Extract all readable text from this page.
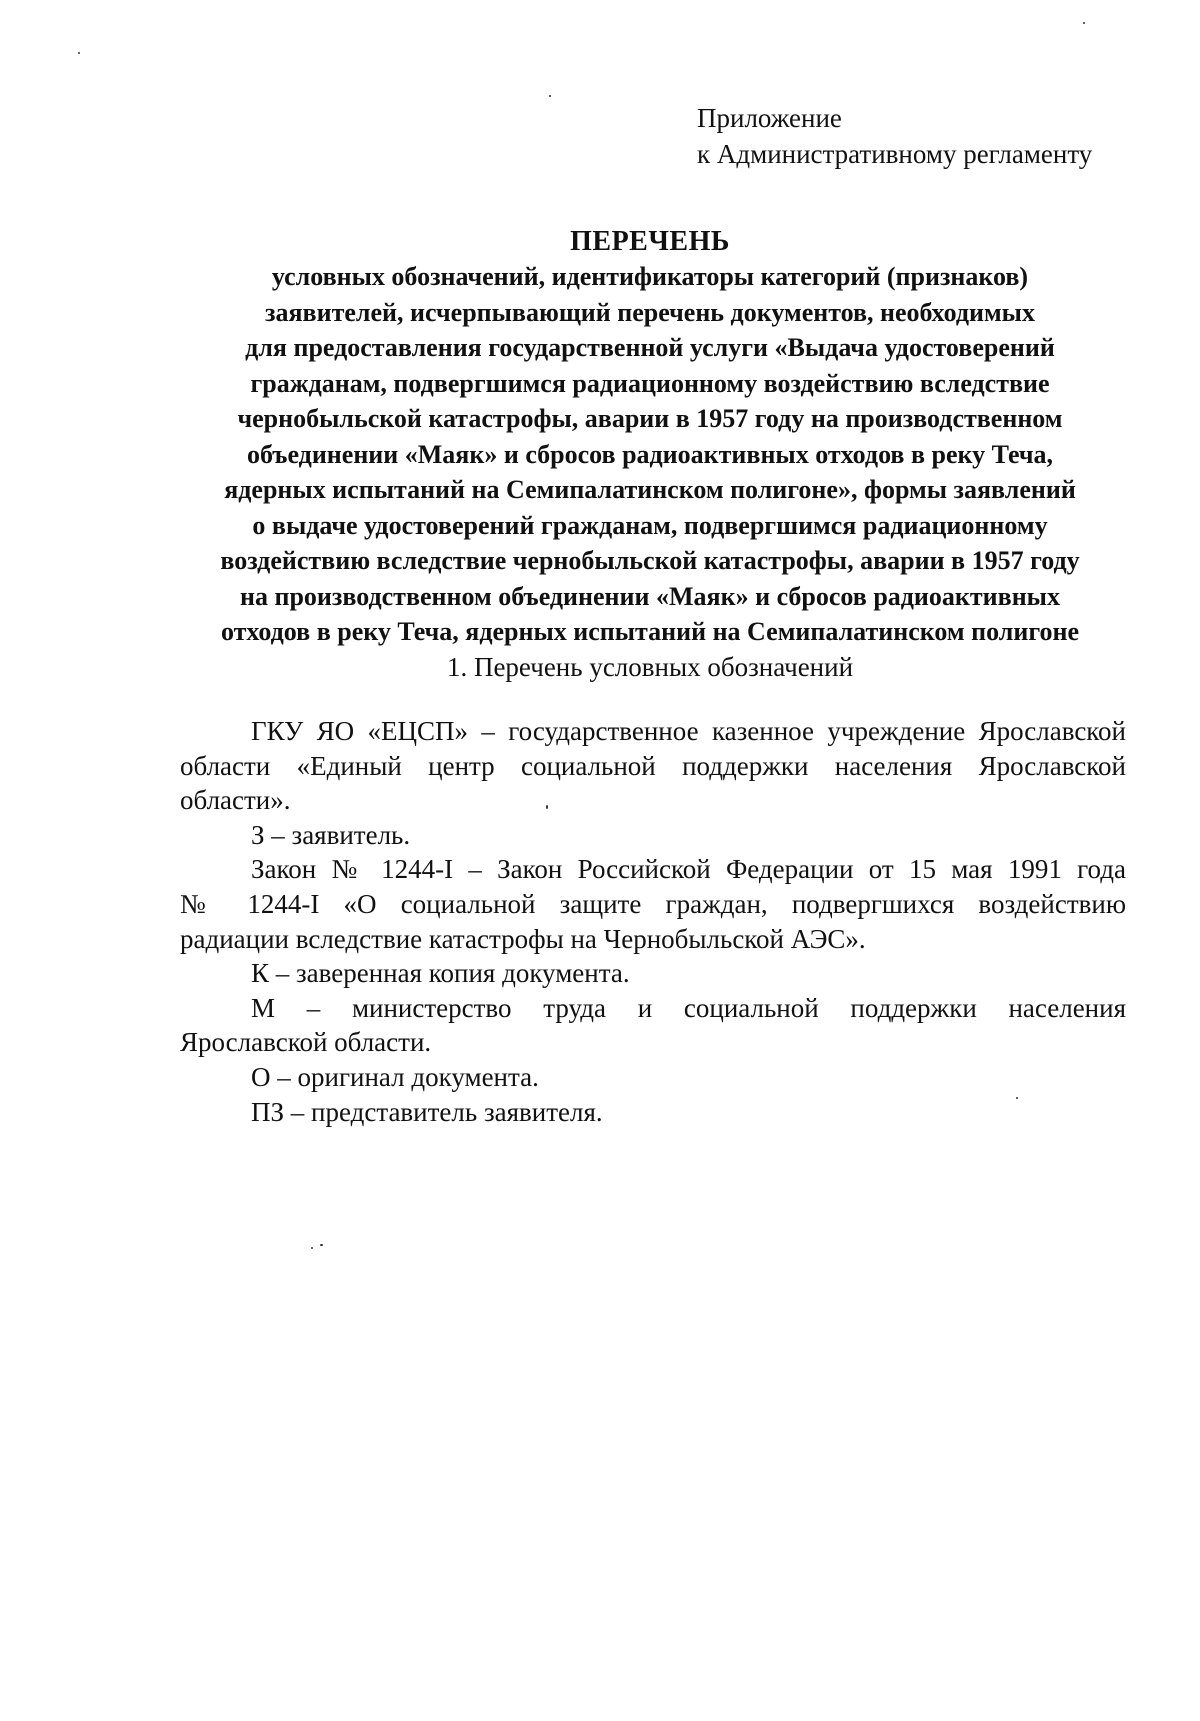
Приложение
к Административному регламенту
ПЕРЕЧЕНЬ
условных обозначений, идентификаторы категорий (признаков)
заявителей, исчерпывающий перечень документов, необходимых
для предоставления государственной услуги «Выдача удостоверений
гражданам, подвергшимся радиационному воздействию вследствие
чернобыльской катастрофы, аварии в 1957 году на производственном
объединении «Маяк» и сбросов радиоактивных отходов в реку Теча,
ядерных испытаний на Семипалатинском полигоне», формы заявлений
о выдаче удостоверений гражданам, подвергшимся радиационному
воздействию вследствие чернобыльской катастрофы, аварии в 1957 году
на производственном объединении «Маяк» и сбросов радиоактивных
отходов в реку Теча, ядерных испытаний на Семипалатинском полигоне
1. Перечень условных обозначений
ГКУ ЯО «ЕЦСП» – государственное казенное учреждение Ярославской
области «Единый центр социальной поддержки населения Ярославской
области».
З – заявитель.
Закон № 1244-I – Закон Российской Федерации от 15 мая 1991 года
№ 1244-I «О социальной защите граждан, подвергшихся воздействию
радиации вследствие катастрофы на Чернобыльской АЭС».
К – заверенная копия документа.
М – министерство труда и социальной поддержки населения
Ярославской области.
О – оригинал документа.
ПЗ – представитель заявителя.
